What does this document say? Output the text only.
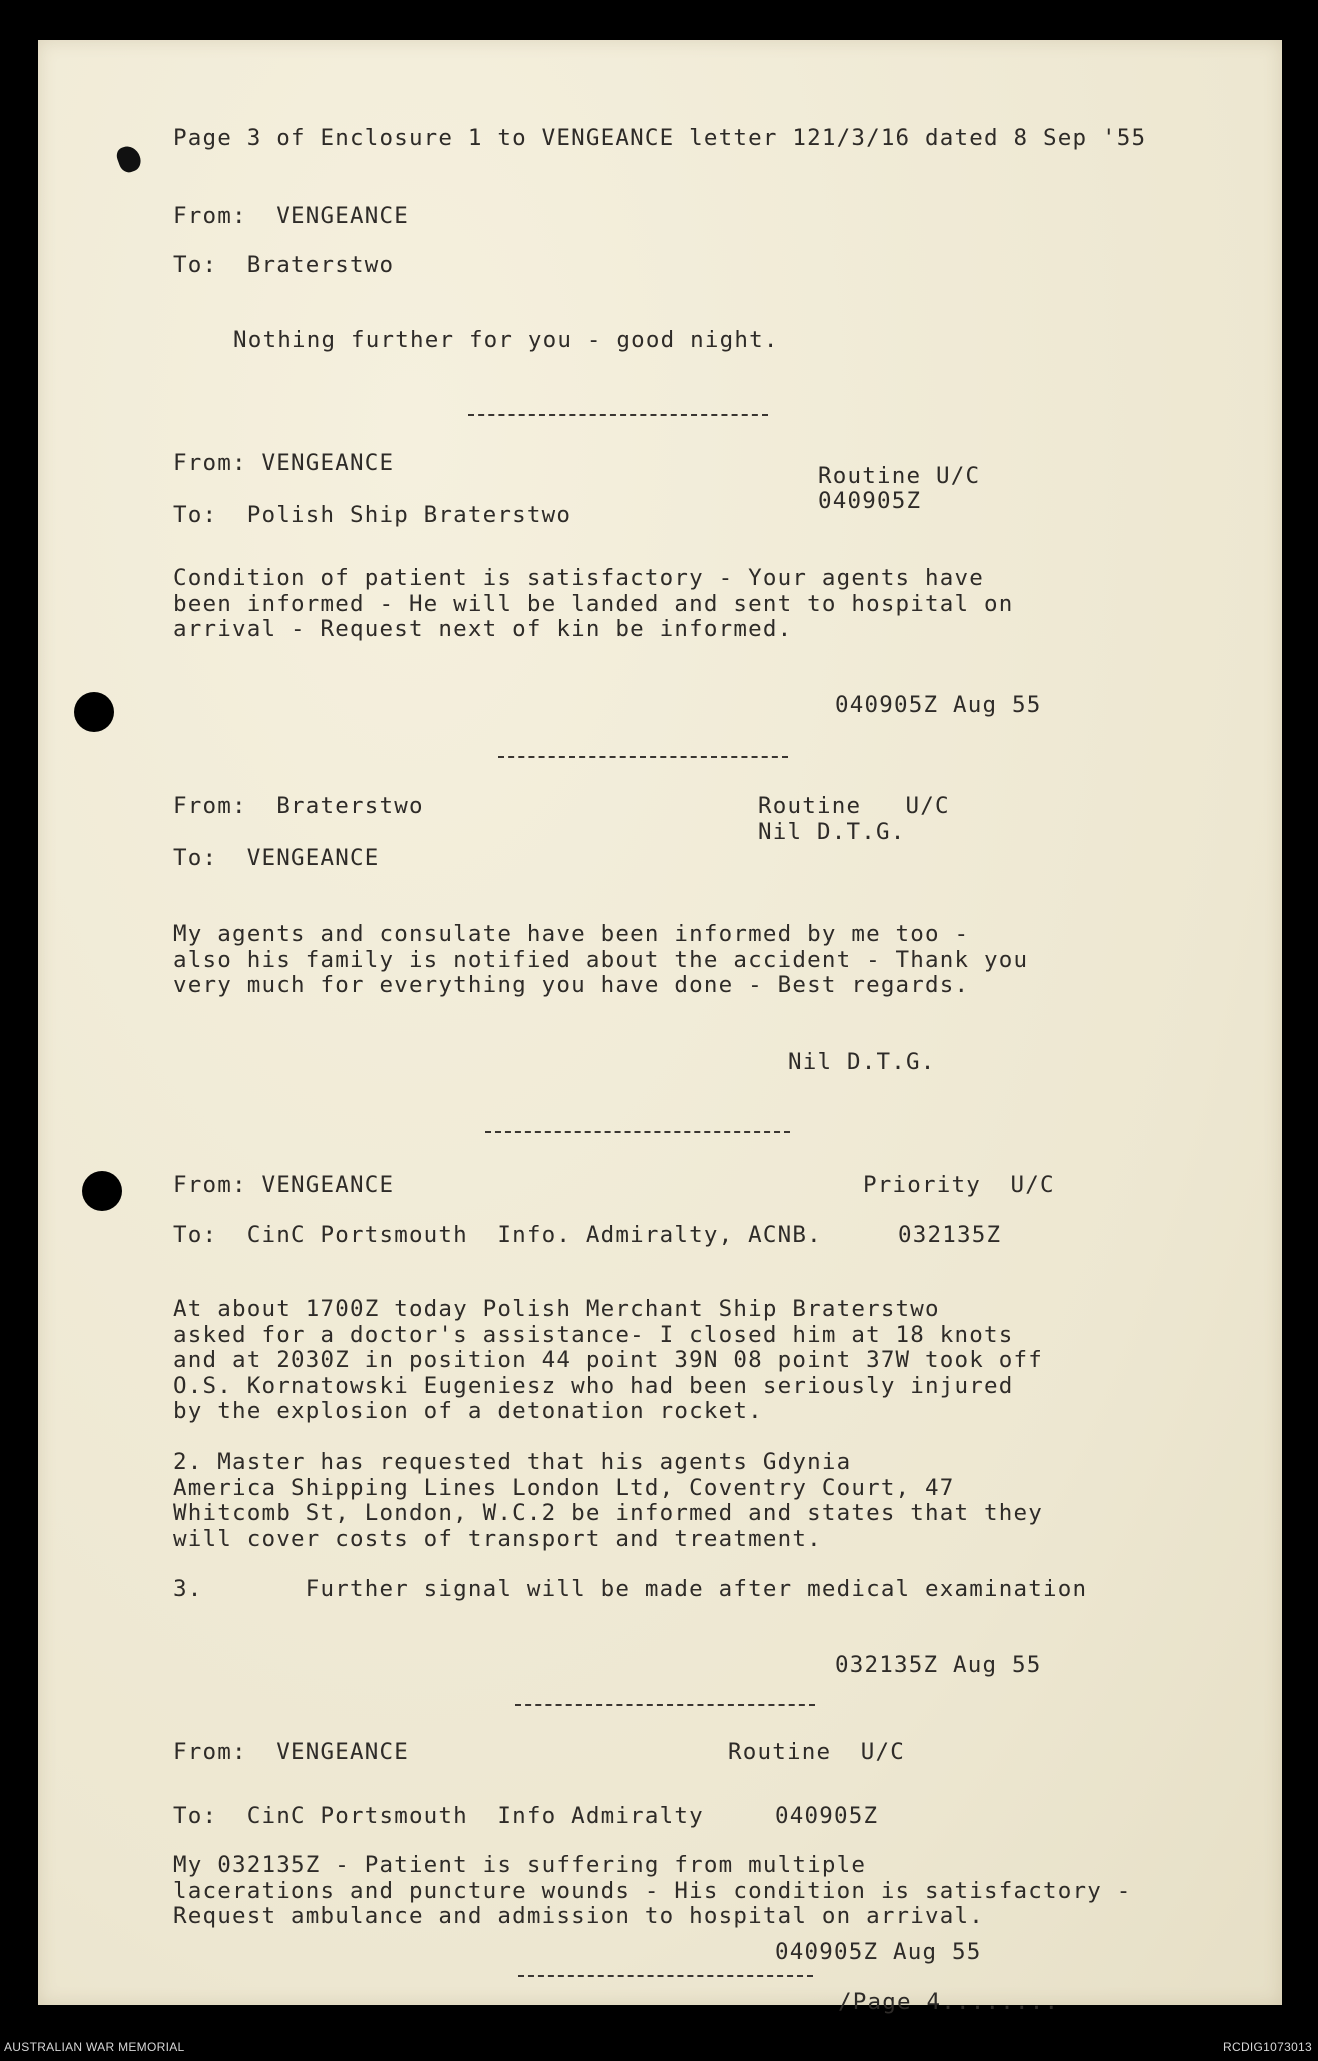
Page 3 of Enclosure 1 to VENGEANCE letter 121/3/16 dated 8 Sep '55

From:  VENGEANCE

To:  Braterstwo

Nothing further for you - good night.

From: VENGEANCE	Routine U/C

040905Z

To:  Polish Ship Braterstwo

Condition of patient is satisfactory - Your agents have
been informed - He will be landed and sent to hospital on
arrival - Request next of kin be informed.

040905Z Aug 55

From:  Braterstwo	Routine   U/C

Nil D.T.G.

To:  VENGEANCE

My agents and consulate have been informed by me too -
also his family is notified about the accident - Thank you
very much for everything you have done - Best regards.

Nil D.T.G.

From: VENGEANCE	Priority  U/C

To:  CinC Portsmouth  Info. Admiralty, ACNB.	032135Z

At about 1700Z today Polish Merchant Ship Braterstwo
asked for a doctor's assistance- I closed him at 18 knots
and at 2030Z in position 44 point 39N 08 point 37W took off
O.S. Kornatowski Eugeniesz who had been seriously injured
by the explosion of a detonation rocket.

2. Master has requested that his agents Gdynia
America Shipping Lines London Ltd, Coventry Court, 47
Whitcomb St, London, W.C.2 be informed and states that they
will cover costs of transport and treatment.

3.       Further signal will be made after medical examination

032135Z Aug 55

From:  VENGEANCE	Routine  U/C

To:  CinC Portsmouth  Info Admiralty	040905Z

My 032135Z - Patient is suffering from multiple
lacerations and puncture wounds - His condition is satisfactory -
Request ambulance and admission to hospital on arrival.

040905Z Aug 55

/Page 4........

AUSTRALIAN WAR MEMORIAL	RCDIG1073013
